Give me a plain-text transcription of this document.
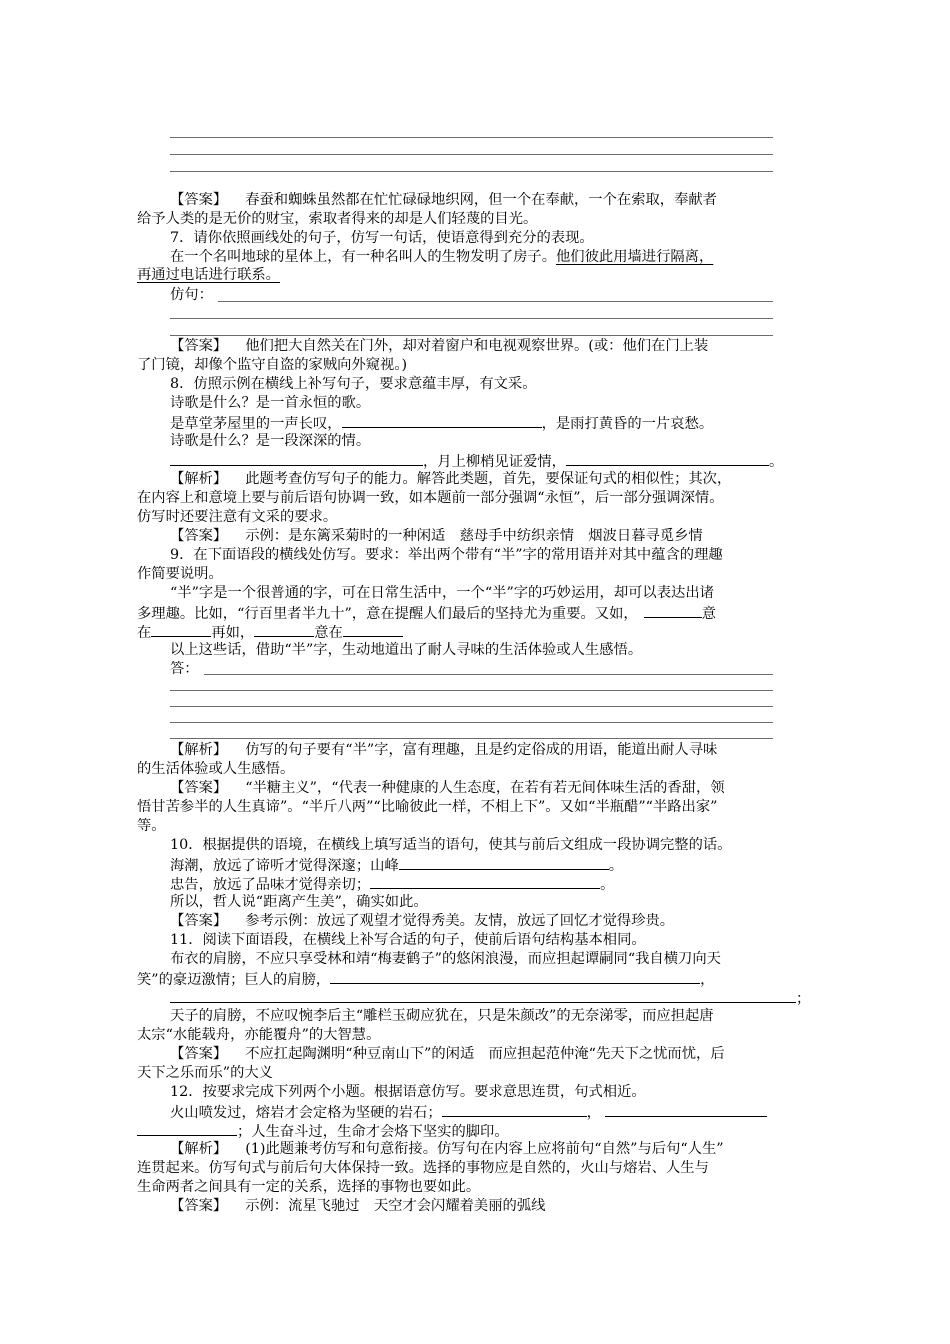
【答案】 春蚕和蜘蛛虽然都在忙忙碌碌地织网，但一个在奉献，一个在索取，奉献者
给予人类的是无价的财宝，索取者得来的却是人们轻蔑的目光。
7．请你依照画线处的句子，仿写一句话，使语意得到充分的表现。
在一个名叫地球的星体上，有一种名叫人的生物发明了房子。他们彼此用墙进行隔离，
再通过电话进行联系。
仿句：
【答案】 他们把大自然关在门外，却对着窗户和电视观察世界。(或：他们在门上装
了门镜，却像个监守自盗的家贼向外窥视。)
8．仿照示例在横线上补写句子，要求意蕴丰厚，有文采。
诗歌是什么？是一首永恒的歌。
是草堂茅屋里的一声长叹，	，是雨打黄昏的一片哀愁。
诗歌是什么？是一段深深的情。
，月上柳梢见证爱情，	。
【解析】 此题考查仿写句子的能力。解答此类题，首先，要保证句式的相似性；其次，
在内容上和意境上要与前后语句协调一致，如本题前一部分强调“永恒”，后一部分强调深情。
仿写时还要注意有文采的要求。
【答案】 示例：是东篱采菊时的一种闲适　慈母手中纺织亲情　烟波日暮寻觅乡情
9．在下面语段的横线处仿写。要求：举出两个带有“半”字的常用语并对其中蕴含的理趣
作简要说明。
“半”字是一个很普通的字，可在日常生活中，一个“半”字的巧妙运用，却可以表达出诸
多理趣。比如，“行百里者半九十”，意在提醒人们最后的坚持尤为重要。又如，	意
在	再如，	意在
以上这些话，借助“半”字，生动地道出了耐人寻味的生活体验或人生感悟。
答：
【解析】 仿写的句子要有“半”字，富有理趣，且是约定俗成的用语，能道出耐人寻味
的生活体验或人生感悟。
【答案】 “半糖主义”，“代表一种健康的人生态度，在若有若无间体味生活的香甜，领
悟甘苦参半的人生真谛”。“半斤八两”“比喻彼此一样，不相上下”。又如“半瓶醋”“半路出家”
等。
10．根据提供的语境，在横线上填写适当的语句，使其与前后文组成一段协调完整的话。
海潮，放远了谛听才觉得深邃；山峰	。
忠告，放远了品味才觉得亲切；	。
所以，哲人说“距离产生美”，确实如此。
【答案】 参考示例：放远了观望才觉得秀美。友情，放远了回忆才觉得珍贵。
11．阅读下面语段，在横线上补写合适的句子，使前后语句结构基本相同。
布衣的肩膀，不应只享受林和靖“梅妻鹤子”的悠闲浪漫，而应担起谭嗣同“我自横刀向天
笑”的豪迈激情；巨人的肩膀，	，
；
天子的肩膀，不应叹惋李后主“雕栏玉砌应犹在，只是朱颜改”的无奈涕零，而应担起唐
太宗“水能载舟，亦能覆舟”的大智慧。
【答案】 不应扛起陶渊明“种豆南山下”的闲适　而应担起范仲淹“先天下之忧而忧，后
天下之乐而乐”的大义
12．按要求完成下列两个小题。根据语意仿写。要求意思连贯，句式相近。
火山喷发过，熔岩才会定格为坚硬的岩石；	，
；人生奋斗过，生命才会烙下坚实的脚印。
【解析】 (1)此题兼考仿写和句意衔接。仿写句在内容上应将前句“自然”与后句“人生”
连贯起来。仿写句式与前后句大体保持一致。选择的事物应是自然的，火山与熔岩、人生与
生命两者之间具有一定的关系，选择的事物也要如此。
【答案】 示例：流星飞驰过　天空才会闪耀着美丽的弧线
